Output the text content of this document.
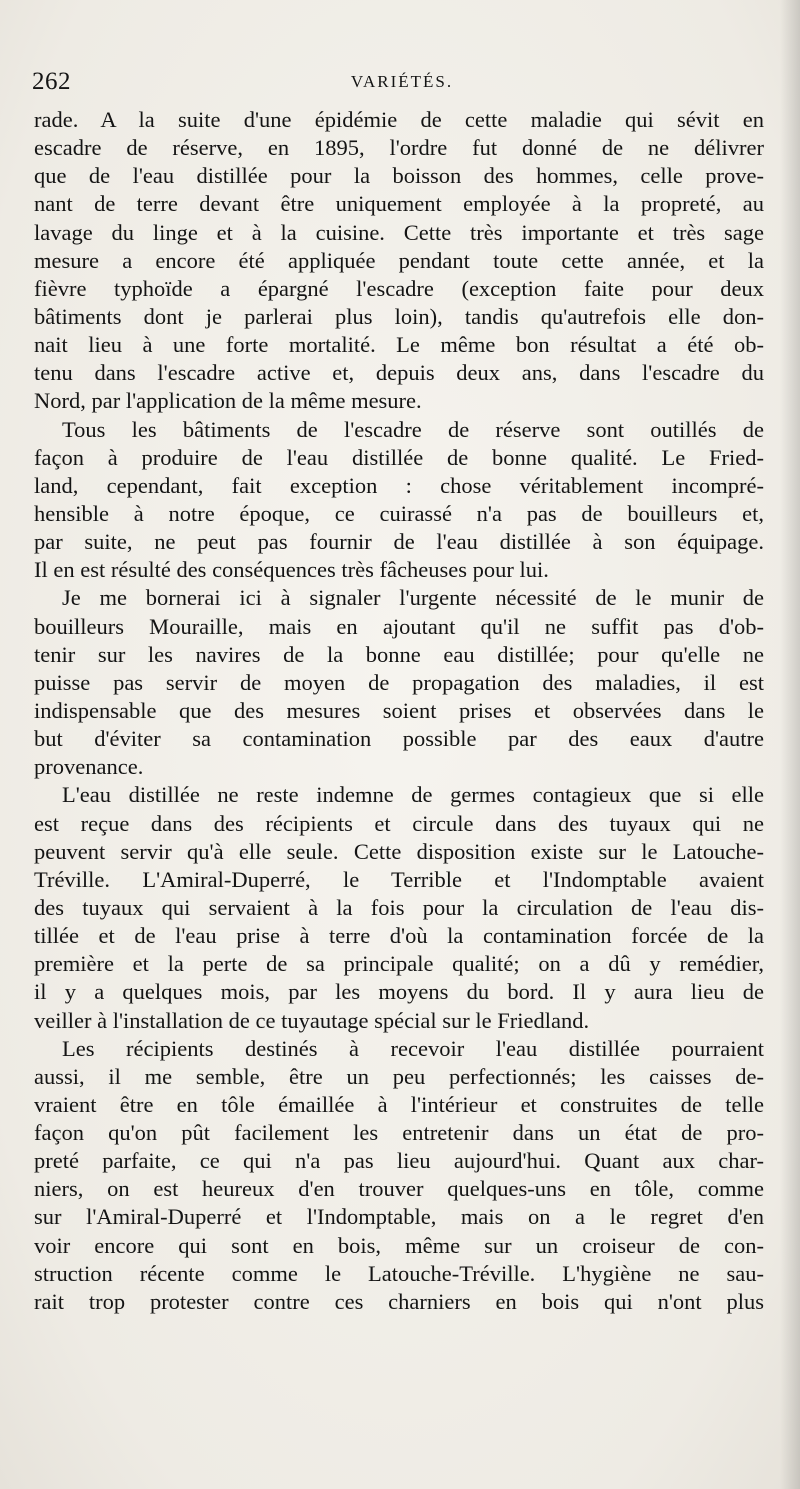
262	VARIÉTÉS.
rade. A la suite d'une épidémie de cette maladie qui sévit en
escadre de réserve, en 1895, l'ordre fut donné de ne délivrer
que de l'eau distillée pour la boisson des hommes, celle prove-
nant de terre devant être uniquement employée à la propreté, au
lavage du linge et à la cuisine. Cette très importante et très sage
mesure a encore été appliquée pendant toute cette année, et la
fièvre typhoïde a épargné l'escadre (exception faite pour deux
bâtiments dont je parlerai plus loin), tandis qu'autrefois elle don-
nait lieu à une forte mortalité. Le même bon résultat a été ob-
tenu dans l'escadre active et, depuis deux ans, dans l'escadre du
Nord, par l'application de la même mesure.
Tous les bâtiments de l'escadre de réserve sont outillés de
façon à produire de l'eau distillée de bonne qualité. Le Fried-
land, cependant, fait exception : chose véritablement incompré-
hensible à notre époque, ce cuirassé n'a pas de bouilleurs et,
par suite, ne peut pas fournir de l'eau distillée à son équipage.
Il en est résulté des conséquences très fâcheuses pour lui.
Je me bornerai ici à signaler l'urgente nécessité de le munir de
bouilleurs Mouraille, mais en ajoutant qu'il ne suffit pas d'ob-
tenir sur les navires de la bonne eau distillée; pour qu'elle ne
puisse pas servir de moyen de propagation des maladies, il est
indispensable que des mesures soient prises et observées dans le
but d'éviter sa contamination possible par des eaux d'autre
provenance.
L'eau distillée ne reste indemne de germes contagieux que si elle
est reçue dans des récipients et circule dans des tuyaux qui ne
peuvent servir qu'à elle seule. Cette disposition existe sur le Latouche-
Tréville. L'Amiral-Duperré, le Terrible et l'Indomptable avaient
des tuyaux qui servaient à la fois pour la circulation de l'eau dis-
tillée et de l'eau prise à terre d'où la contamination forcée de la
première et la perte de sa principale qualité; on a dû y remédier,
il y a quelques mois, par les moyens du bord. Il y aura lieu de
veiller à l'installation de ce tuyautage spécial sur le Friedland.
Les récipients destinés à recevoir l'eau distillée pourraient
aussi, il me semble, être un peu perfectionnés; les caisses de-
vraient être en tôle émaillée à l'intérieur et construites de telle
façon qu'on pût facilement les entretenir dans un état de pro-
preté parfaite, ce qui n'a pas lieu aujourd'hui. Quant aux char-
niers, on est heureux d'en trouver quelques-uns en tôle, comme
sur l'Amiral-Duperré et l'Indomptable, mais on a le regret d'en
voir encore qui sont en bois, même sur un croiseur de con-
struction récente comme le Latouche-Tréville. L'hygiène ne sau-
rait trop protester contre ces charniers en bois qui n'ont plus
